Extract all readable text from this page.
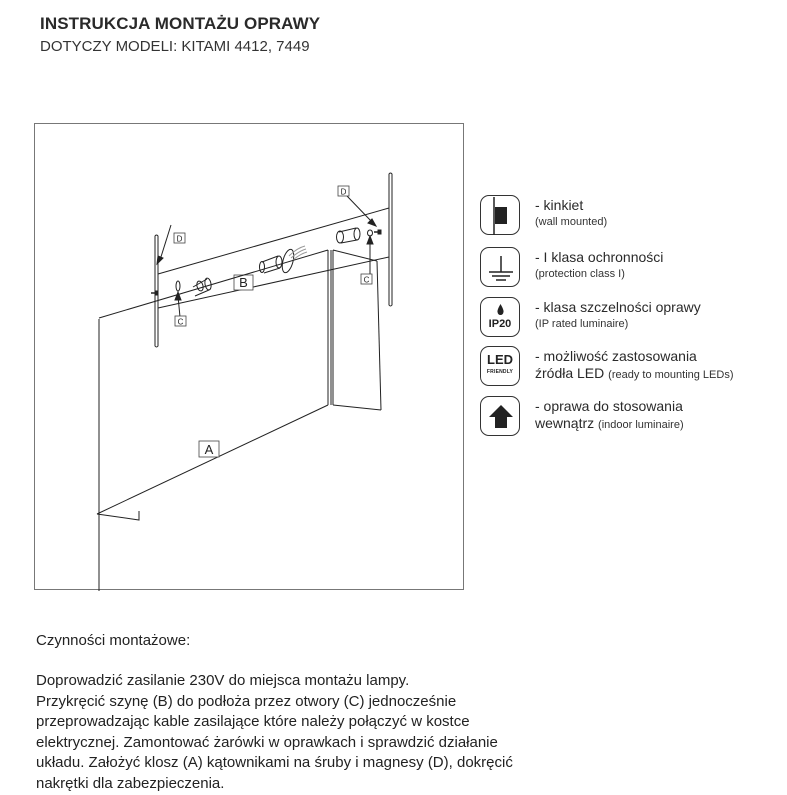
INSTRUKCJA MONTAŻU OPRAWY
DOTYCZY MODELI: KITAMI 4412, 7449
D
C
D
C
B
A
- kinkiet
(wall mounted)
- I klasa ochronności
(protection class I)
IP20
- klasa szczelności oprawy
(IP rated luminaire)
LED
FRIENDLY
- możliwość zastosowania
źródła LED (ready to mounting LEDs)
- oprawa do stosowania
wewnątrz (indoor luminaire)
Czynności montażowe:
Doprowadzić zasilanie 230V do miejsca montażu lampy.
Przykręcić szynę (B) do podłoża przez otwory (C) jednocześnie
przeprowadzając kable zasilające które należy połączyć w kostce
elektrycznej. Zamontować żarówki w oprawkach i sprawdzić działanie
układu. Założyć klosz (A) kątownikami na śruby i magnesy (D), dokręcić
nakrętki dla zabezpieczenia.
